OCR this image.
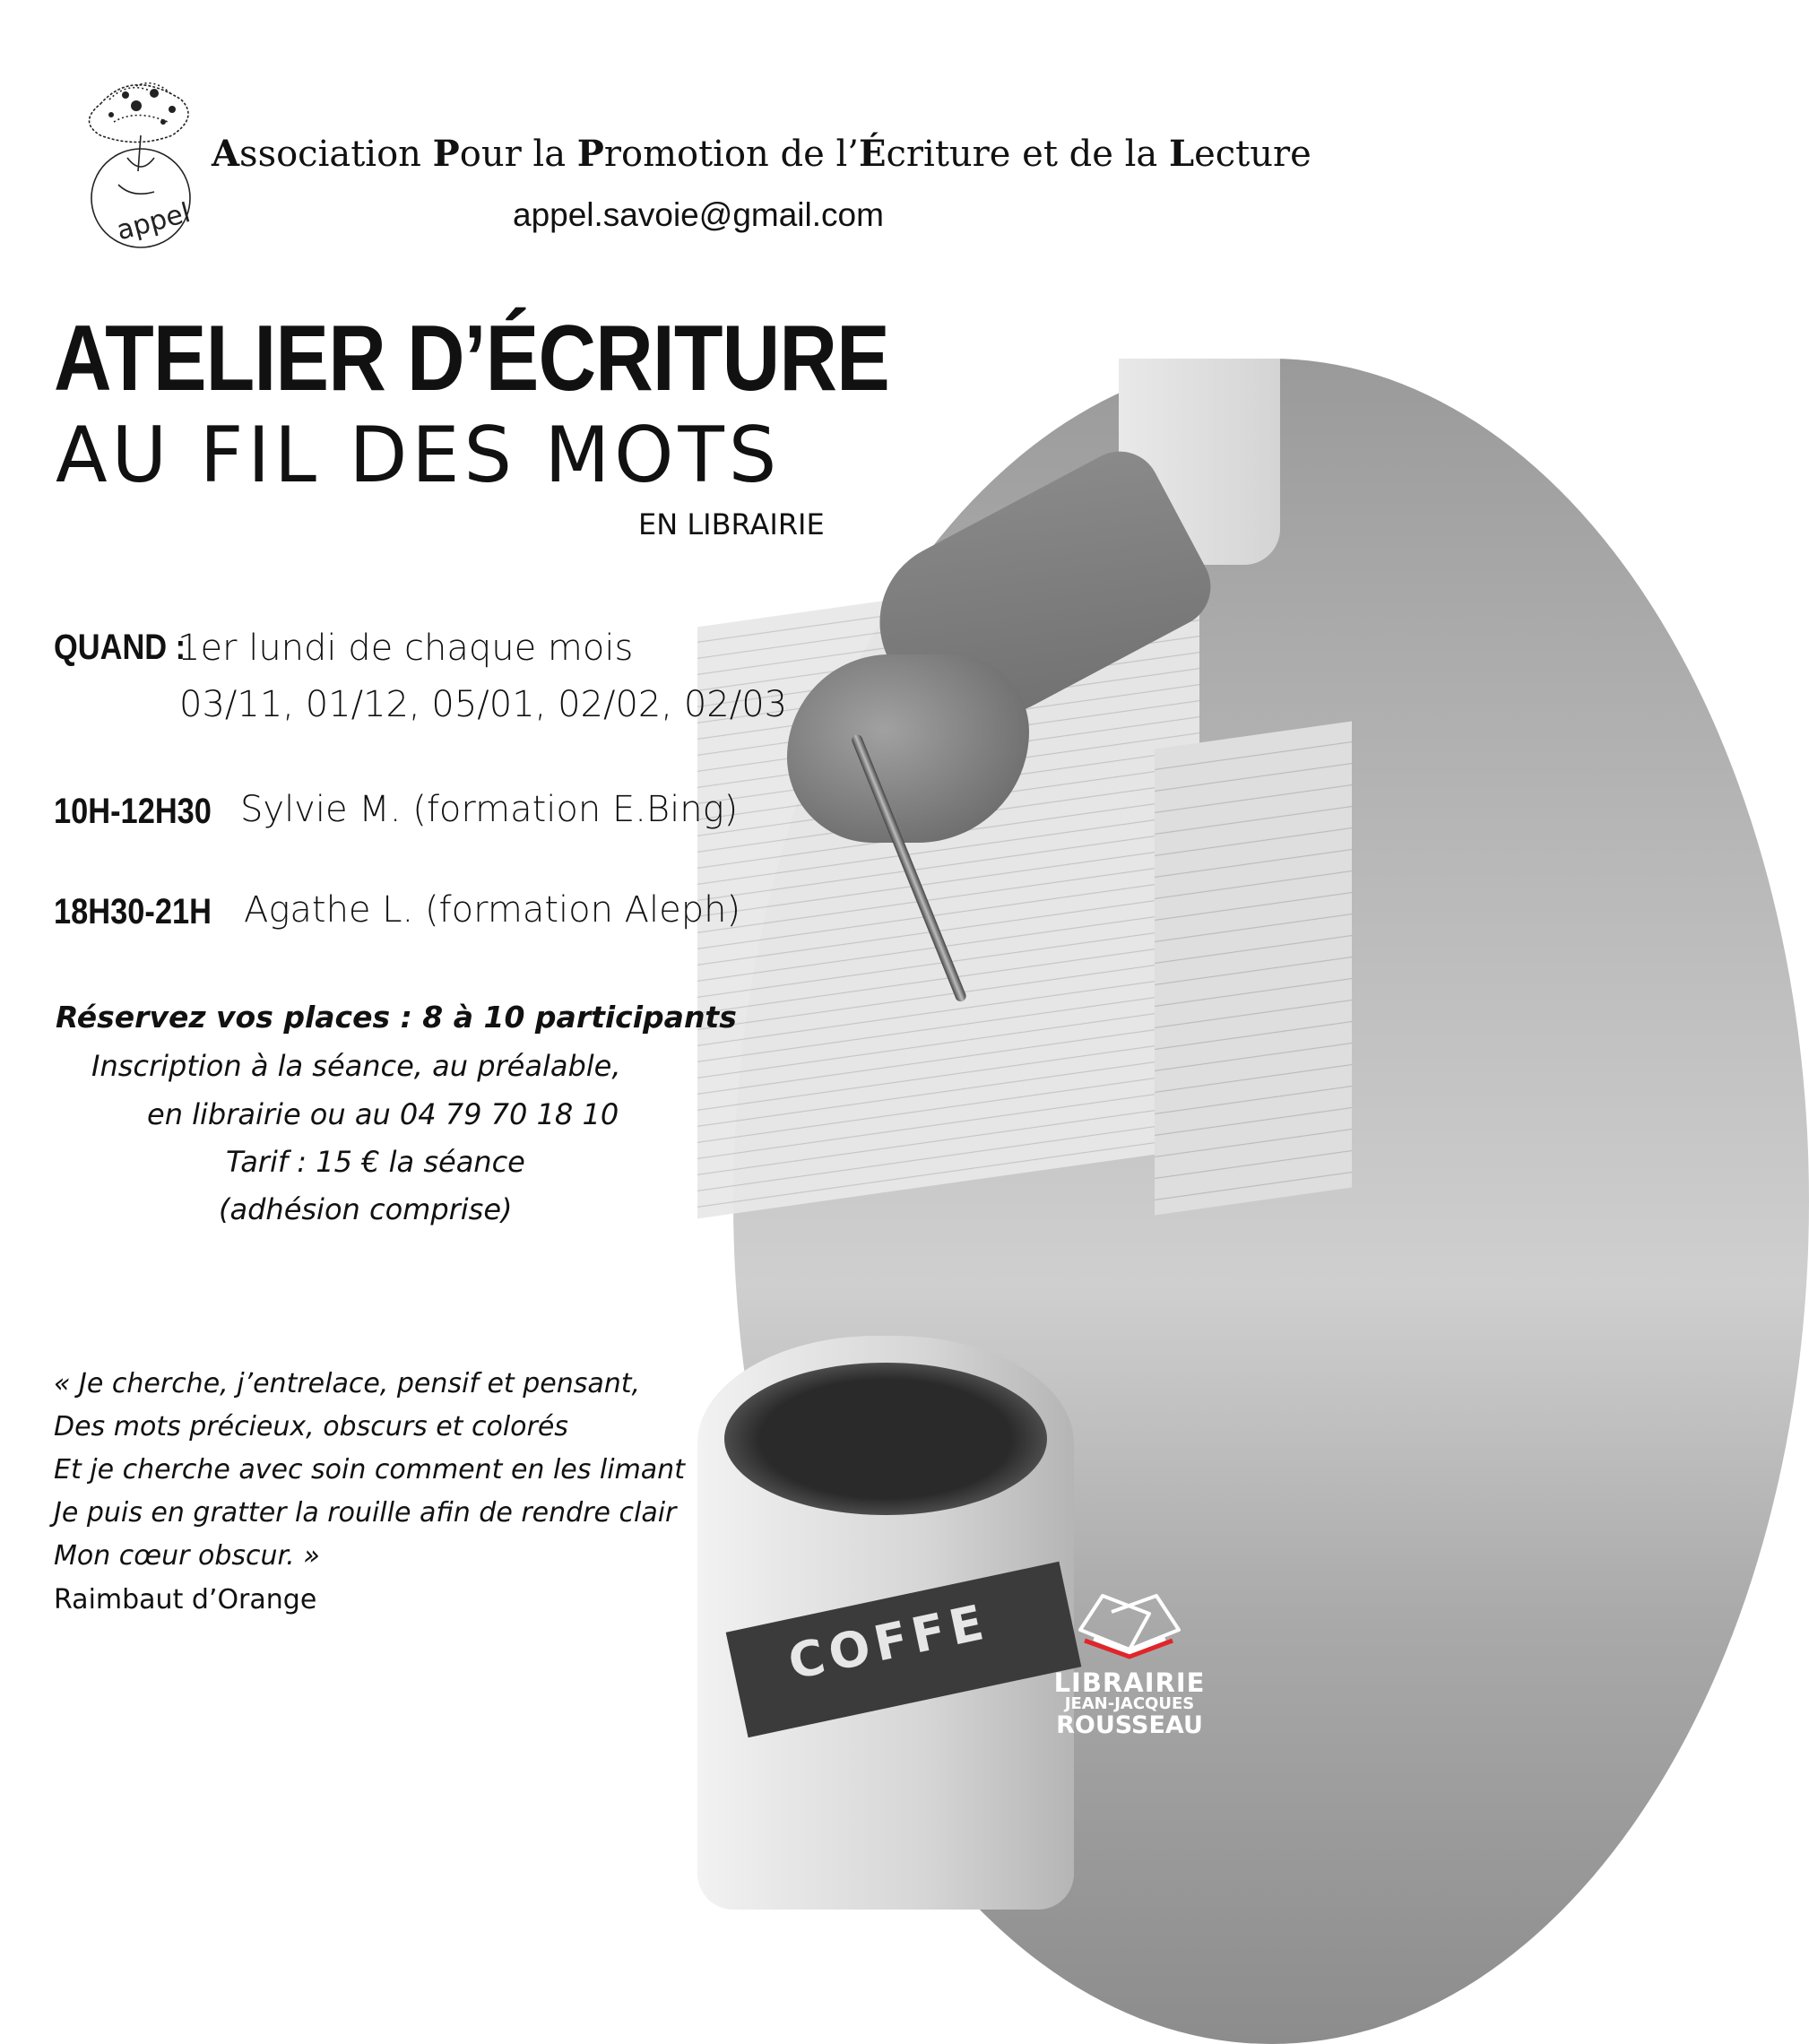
COFFE
appel
Association Pour la Promotion de l’Écriture et de la Lecture
appel.savoie@gmail.com
ATELIER D’ÉCRITURE
AU FIL DES MOTS
EN LIBRAIRIE
QUAND :
1er lundi de chaque mois
03/11, 01/12, 05/01, 02/02, 02/03
10H-12H30 Sylvie M. (formation E.Bing)
18H30-21H Agathe L. (formation Aleph)
Réservez vos places : 8 à 10 participants
Inscription à la séance, au préalable,
en librairie ou au 04 79 70 18 10
Tarif : 15 € la séance
(adhésion comprise)
« Je cherche, j’entrelace, pensif et pensant,
Des mots précieux, obscurs et colorés
Et je cherche avec soin comment en les limant
Je puis en gratter la rouille afin de rendre clair
Mon cœur obscur. »
Raimbaut d’Orange
LIBRAIRIE
JEAN-JACQUES
ROUSSEAU
